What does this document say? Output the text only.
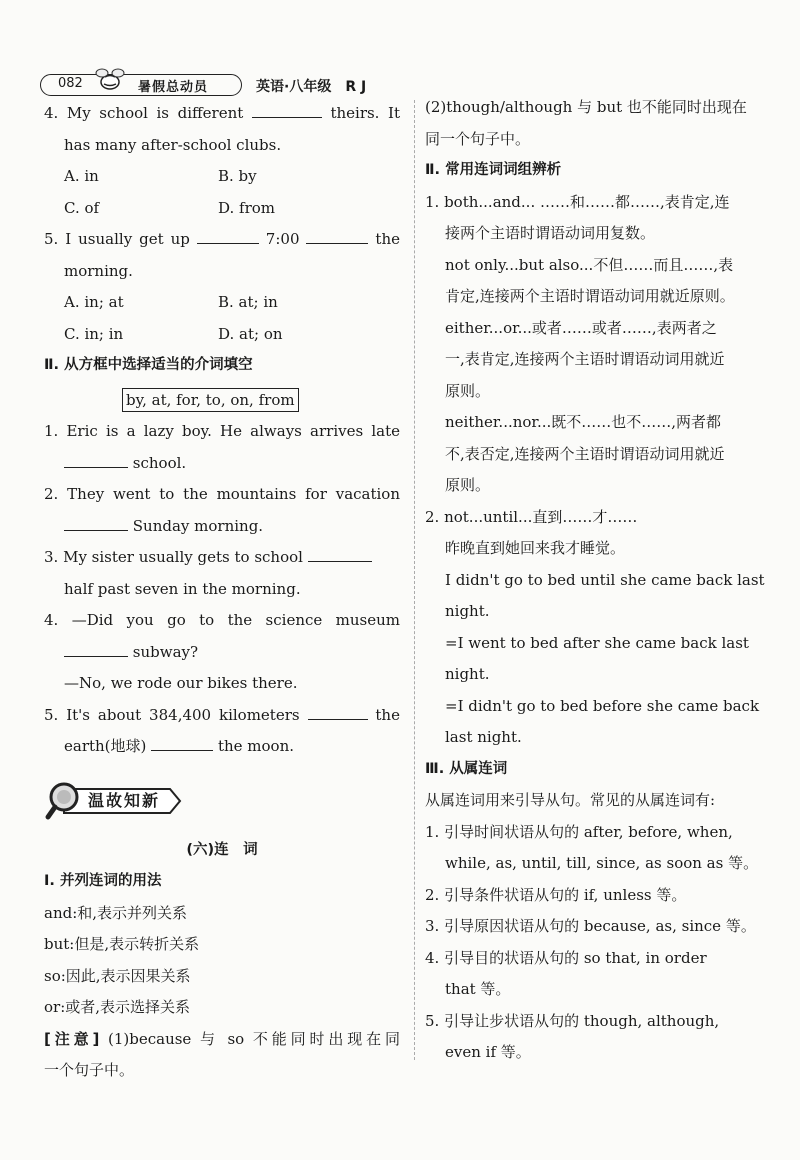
082	暑假总动员	英语·八年级　R J
4. My school is different	theirs. It
has many after-school clubs.
A. in	B. by
C. of	D. from
5. I usually get up	7:00	the
morning.
A. in; at	B. at; in
C. in; in	D. at; on
Ⅱ. 从方框中选择适当的介词填空
by, at, for, to, on, from
1. Eric is a lazy boy. He always arrives late
school.
2. They went to the mountains for vacation
Sunday morning.
3. My sister usually gets to school
half past seven in the morning.
4. —Did you go to the science museum
subway?
—No, we rode our bikes there.
5. It's about 384,400 kilometers	the
earth(地球)	the moon.
温故知新
(六)连　词
Ⅰ. 并列连词的用法
and:和,表示并列关系
but:但是,表示转折关系
so:因此,表示因果关系
or:或者,表示选择关系
[注意] (1)because 与 so 不能同时出现在同
一个句子中。
(2)though/although 与 but 也不能同时出现在
同一个句子中。
Ⅱ. 常用连词词组辨析
1. both...and... ……和……都……,表肯定,连
接两个主语时谓语动词用复数。
not only...but also...不但……而且……,表
肯定,连接两个主语时谓语动词用就近原则。
either...or...或者……或者……,表两者之
一,表肯定,连接两个主语时谓语动词用就近
原则。
neither...nor...既不……也不……,两者都
不,表否定,连接两个主语时谓语动词用就近
原则。
2. not...until...直到……才……
昨晚直到她回来我才睡觉。
I didn't go to bed until she came back last
night.
=I went to bed after she came back last
night.
=I didn't go to bed before she came back
last night.
Ⅲ. 从属连词
从属连词用来引导从句。常见的从属连词有:
1. 引导时间状语从句的 after, before, when,
while, as, until, till, since, as soon as 等。
2. 引导条件状语从句的 if, unless 等。
3. 引导原因状语从句的 because, as, since 等。
4. 引导目的状语从句的 so that, in order
that 等。
5. 引导让步状语从句的 though, although,
even if 等。
